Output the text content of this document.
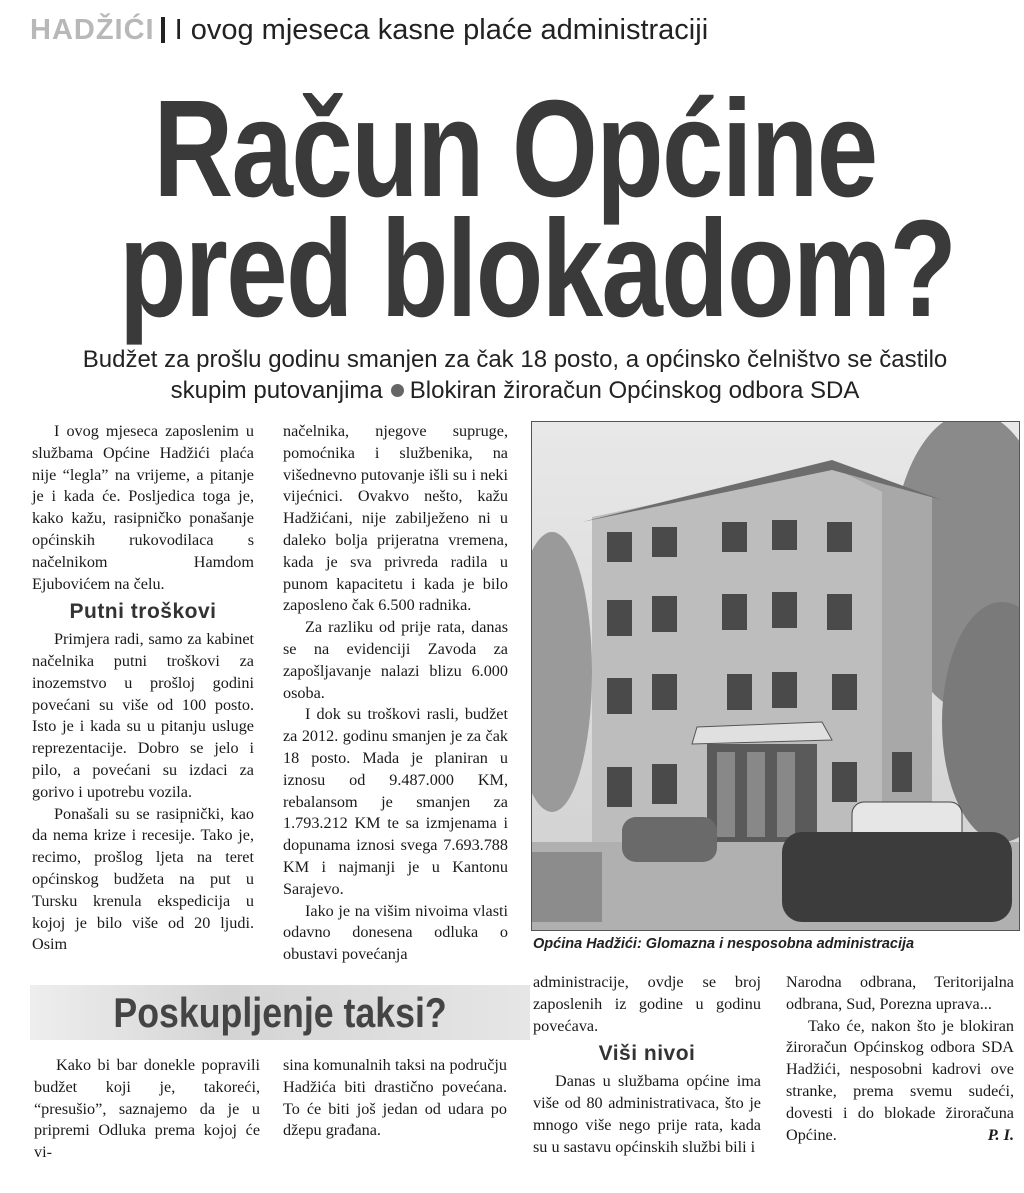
HADŽIĆI I ovog mjeseca kasne plaće administraciji
Račun Općine
pred blokadom?
Budžet za prošlu godinu smanjen za čak 18 posto, a općinsko čelništvo se častilo
skupim putovanjima Blokiran žiroračun Općinskog odbora SDA

I ovog mjeseca zaposlenim u službama Općine Hadžići plaća nije “legla” na vrijeme, a pitanje je i kada će. Posljedica toga je, kako kažu, rasipničko ponašanje općinskih rukovodilaca s načelnikom Hamdom Ejubovićem na čelu.

Putni troškovi

Primjera radi, samo za kabinet načelnika putni troškovi za inozemstvo u prošloj godini povećani su više od 100 posto. Isto je i kada su u pitanju usluge reprezentacije. Dobro se jelo i pilo, a povećani su izdaci za gorivo i upotrebu vozila.

Ponašali su se rasipnički, kao da nema krize i recesije. Tako je, recimo, prošlog ljeta na teret općinskog budžeta na put u Tursku krenula ekspedicija u kojoj je bilo više od 20 ljudi. Osim

načelnika, njegove supruge, pomoćnika i službenika, na višednevno putovanje išli su i neki vijećnici. Ovakvo nešto, kažu Hadžićani, nije zabilježeno ni u daleko bolja prijeratna vremena, kada je sva privreda radila u punom kapacitetu i kada je bilo zaposleno čak 6.500 radnika.

Za razliku od prije rata, danas se na evidenciji Zavoda za zapošljavanje nalazi blizu 6.000 osoba.

I dok su troškovi rasli, budžet za 2012. godinu smanjen je za čak 18 posto. Mada je planiran u iznosu od 9.487.000 KM, rebalansom je smanjen za 1.793.212 KM te sa izmjenama i dopunama iznosi svega 7.693.788 KM i najmanji je u Kantonu Sarajevo.

Iako je na višim nivoima vlasti odavno donesena odluka o obustavi povećanja

Općina Hadžići: Glomazna i nesposobna administracija
Poskupljenje taksi?

Kako bi bar donekle popravili budžet koji je, takoreći, “presušio”, saznajemo da je u pripremi Odluka prema kojoj će vi-

sina komunalnih taksi na području Hadžića biti drastično povećana. To će biti još jedan od udara po džepu građana.

administracije, ovdje se broj zaposlenih iz godine u godinu povećava.

Viši nivoi

Danas u službama općine ima više od 80 administrativaca, što je mnogo više nego prije rata, kada su u sastavu općinskih službi bili i

Narodna odbrana, Teritorijalna odbrana, Sud, Porezna uprava...

Tako će, nakon što je blokiran žiroračun Općinskog odbora SDA Hadžići, nesposobni kadrovi ove stranke, prema svemu sudeći, dovesti i do blokade žiroračuna Općine.	P. I.
